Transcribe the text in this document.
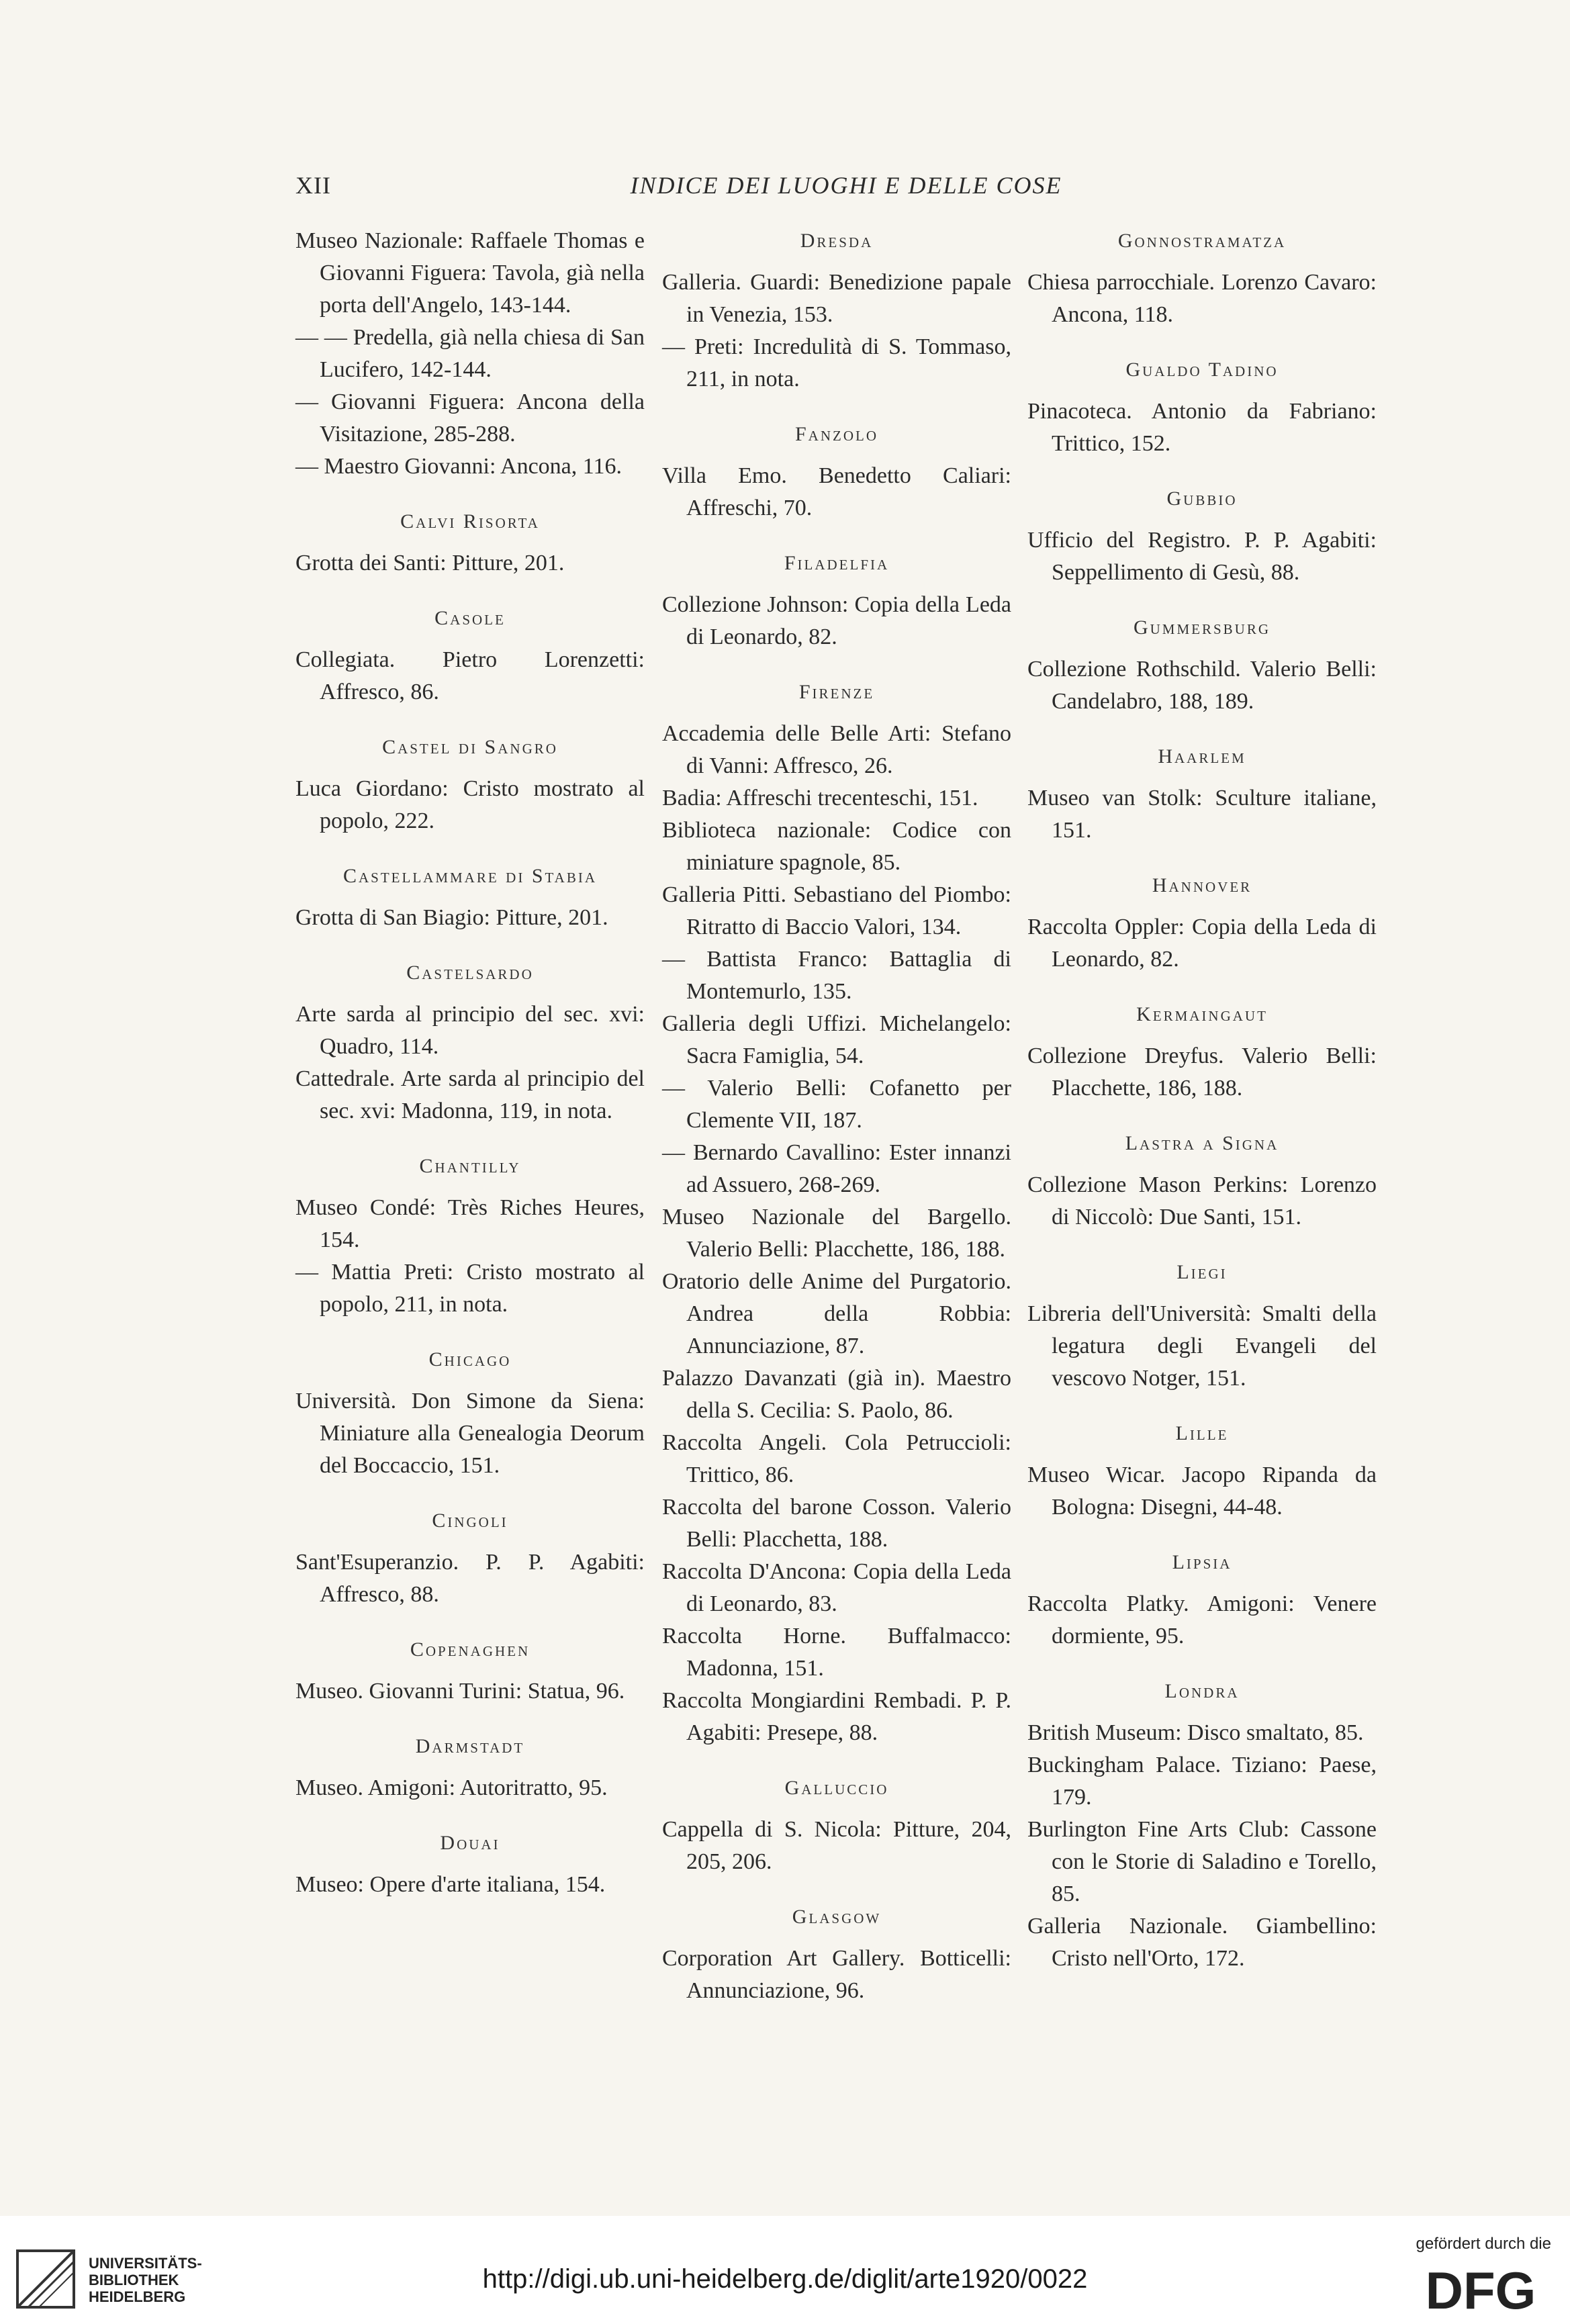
XII	INDICE DEI LUOGHI E DELLE COSE
Museo Nazionale: Raffaele Thomas e Giovanni Figuera: Tavola, già nella porta dell'Angelo, 143-144.
— — Predella, già nella chiesa di San Lucifero, 142-144.
— Giovanni Figuera: Ancona della Visitazione, 285-288.
— Maestro Giovanni: Ancona, 116.
Calvi Risorta
Grotta dei Santi: Pitture, 201.
Casole
Collegiata. Pietro Lorenzetti: Affresco, 86.
Castel di Sangro
Luca Giordano: Cristo mostrato al popolo, 222.
Castellammare di Stabia
Grotta di San Biagio: Pitture, 201.
Castelsardo
Arte sarda al principio del sec. xvi: Quadro, 114.
Cattedrale. Arte sarda al principio del sec. xvi: Madonna, 119, in nota.
Chantilly
Museo Condé: Très Riches Heures, 154.
— Mattia Preti: Cristo mostrato al popolo, 211, in nota.
Chicago
Università. Don Simone da Siena: Miniature alla Genealogia Deorum del Boccaccio, 151.
Cingoli
Sant'Esuperanzio. P. P. Agabiti: Affresco, 88.
Copenaghen
Museo. Giovanni Turini: Statua, 96.
Darmstadt
Museo. Amigoni: Autoritratto, 95.
Douai
Museo: Opere d'arte italiana, 154.
Dresda
Galleria. Guardi: Benedizione papale in Venezia, 153.
— Preti: Incredulità di S. Tommaso, 211, in nota.
Fanzolo
Villa Emo. Benedetto Caliari: Affreschi, 70.
Filadelfia
Collezione Johnson: Copia della Leda di Leonardo, 82.
Firenze
Accademia delle Belle Arti: Stefano di Vanni: Affresco, 26.
Badia: Affreschi trecenteschi, 151.
Biblioteca nazionale: Codice con miniature spagnole, 85.
Galleria Pitti. Sebastiano del Piombo: Ritratto di Baccio Valori, 134.
— Battista Franco: Battaglia di Montemurlo, 135.
Galleria degli Uffizi. Michelangelo: Sacra Famiglia, 54.
— Valerio Belli: Cofanetto per Clemente VII, 187.
— Bernardo Cavallino: Ester innanzi ad Assuero, 268-269.
Museo Nazionale del Bargello. Valerio Belli: Placchette, 186, 188.
Oratorio delle Anime del Purgatorio. Andrea della Robbia: Annunciazione, 87.
Palazzo Davanzati (già in). Maestro della S. Cecilia: S. Paolo, 86.
Raccolta Angeli. Cola Petruccioli: Trittico, 86.
Raccolta del barone Cosson. Valerio Belli: Placchetta, 188.
Raccolta D'Ancona: Copia della Leda di Leonardo, 83.
Raccolta Horne. Buffalmacco: Madonna, 151.
Raccolta Mongiardini Rembadi. P. P. Agabiti: Presepe, 88.
Galluccio
Cappella di S. Nicola: Pitture, 204, 205, 206.
Glasgow
Corporation Art Gallery. Botticelli: Annunciazione, 96.
Gonnostramatza
Chiesa parrocchiale. Lorenzo Cavaro: Ancona, 118.
Gualdo Tadino
Pinacoteca. Antonio da Fabriano: Trittico, 152.
Gubbio
Ufficio del Registro. P. P. Agabiti: Seppellimento di Gesù, 88.
Gummersburg
Collezione Rothschild. Valerio Belli: Candelabro, 188, 189.
Haarlem
Museo van Stolk: Sculture italiane, 151.
Hannover
Raccolta Oppler: Copia della Leda di Leonardo, 82.
Kermaingaut
Collezione Dreyfus. Valerio Belli: Placchette, 186, 188.
Lastra a Signa
Collezione Mason Perkins: Lorenzo di Niccolò: Due Santi, 151.
Liegi
Libreria dell'Università: Smalti della legatura degli Evangeli del vescovo Notger, 151.
Lille
Museo Wicar. Jacopo Ripanda da Bologna: Disegni, 44-48.
Lipsia
Raccolta Platky. Amigoni: Venere dormiente, 95.
Londra
British Museum: Disco smaltato, 85.
Buckingham Palace. Tiziano: Paese, 179.
Burlington Fine Arts Club: Cassone con le Storie di Saladino e Torello, 85.
Galleria Nazionale. Giambellino: Cristo nell'Orto, 172.
UNIVERSITÄTS-
BIBLIOTHEK
HEIDELBERG
http://digi.ub.uni-heidelberg.de/diglit/arte1920/0022
gefördert durch die
DFG
